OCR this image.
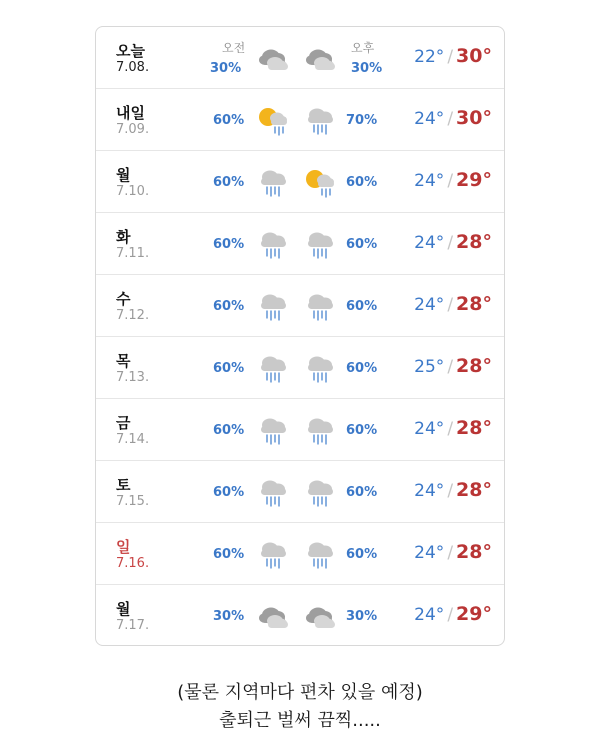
오늘
7.08.
오전	오후
30%	30%
22° / 30°
내일
7.09.
60%	70% 24° / 30°
월
7.10.
60%	60% 24° / 29°
화
7.11.
60%	60% 24° / 28°
수
7.12.
60%	60% 24° / 28°
목
7.13.
60%	60% 25° / 28°
금
7.14.
60%	60% 24° / 28°
토
7.15.
60%	60% 24° / 28°
일
7.16.
60%	60% 24° / 28°
월
7.17.
30%	30% 24° / 29°
(물론 지역마다 편차 있을 예정)
출퇴근 벌써 끔찍.....
